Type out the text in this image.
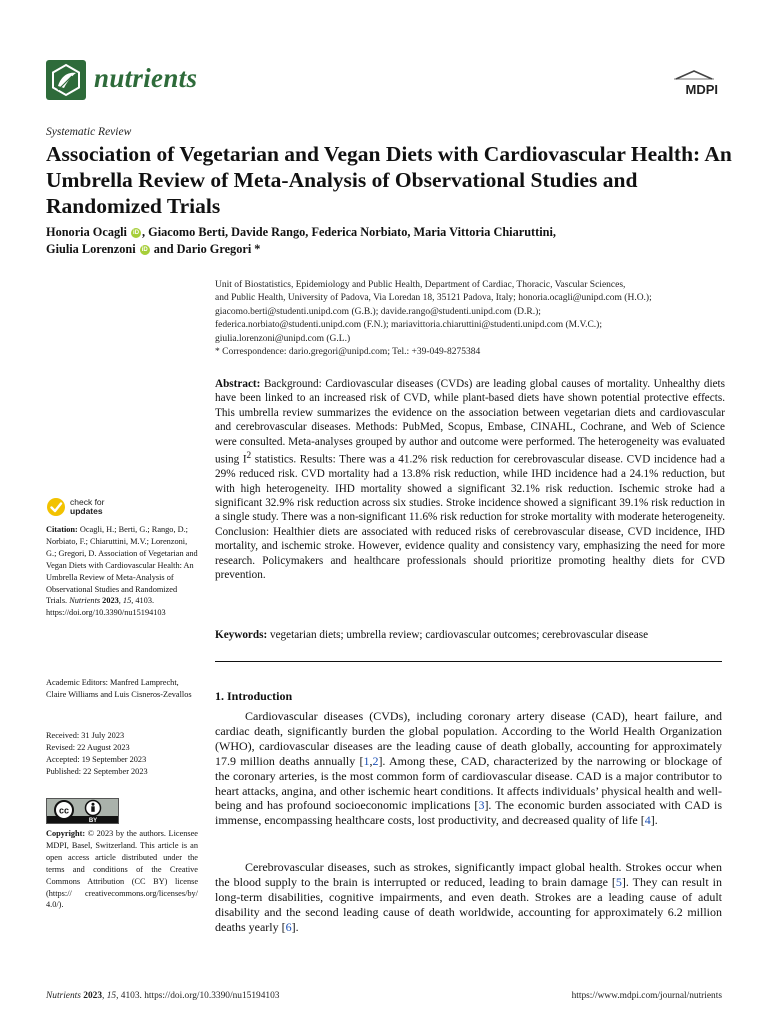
nutrients	MDPI
Systematic Review
Association of Vegetarian and Vegan Diets with Cardiovascular Health: An Umbrella Review of Meta-Analysis of Observational Studies and Randomized Trials
Honoria Ocagli iD , Giacomo Berti, Davide Rango, Federica Norbiato, Maria Vittoria Chiaruttini,
Giulia Lorenzoni iD and Dario Gregori *
Unit of Biostatistics, Epidemiology and Public Health, Department of Cardiac, Thoracic, Vascular Sciences,
and Public Health, University of Padova, Via Loredan 18, 35121 Padova, Italy; honoria.ocagli@unipd.com (H.O.);
giacomo.berti@studenti.unipd.com (G.B.); davide.rango@studenti.unipd.com (D.R.);
federica.norbiato@studenti.unipd.com (F.N.); mariavittoria.chiaruttini@studenti.unipd.com (M.V.C.);
giulia.lorenzoni@unipd.com (G.L.)
* Correspondence: dario.gregori@unipd.com; Tel.: +39-049-8275384
Abstract: Background: Cardiovascular diseases (CVDs) are leading global causes of mortality. Unhealthy diets have been linked to an increased risk of CVD, while plant-based diets have shown potential protective effects. This umbrella review summarizes the evidence on the association between vegetarian diets and cardiovascular and cerebrovascular diseases. Methods: PubMed, Scopus, Embase, CINAHL, Cochrane, and Web of Science were consulted. Meta-analyses grouped by author and outcome were performed. The heterogeneity was evaluated using $I^2$ statistics. Results: There was a 41.2% risk reduction for cerebrovascular disease. CVD incidence had a 29% reduced risk. CVD mortality had a 13.8% risk reduction, while IHD incidence had a 24.1% reduction, but with high heterogeneity. IHD mortality showed a significant 32.1% risk reduction. Ischemic stroke had a significant 32.9% risk reduction across six studies. Stroke incidence showed a significant 39.1% risk reduction in a single study. There was a non-significant 11.6% risk reduction for stroke mortality with moderate heterogeneity. Conclusion: Healthier diets are associated with reduced risks of cerebrovascular disease, CVD incidence, IHD mortality, and ischemic stroke. However, evidence quality and consistency vary, emphasizing the need for more research. Policymakers and healthcare professionals should prioritize promoting healthy diets for CVD prevention.
Keywords: vegetarian diets; umbrella review; cardiovascular outcomes; cerebrovascular disease
1. Introduction
Cardiovascular diseases (CVDs), including coronary artery disease (CAD), heart failure, and cardiac death, significantly burden the global population. According to the World Health Organization (WHO), cardiovascular diseases are the leading cause of death globally, accounting for approximately 17.9 million deaths annually [1,2]. Among these, CAD, characterized by the narrowing or blockage of the coronary arteries, is the most common form of cardiovascular disease. CAD is a major contributor to heart attacks, angina, and other ischemic heart conditions. It affects individuals’ physical health and well-being and has profound socioeconomic implications [3]. The economic burden associated with CAD is immense, encompassing healthcare costs, lost productivity, and decreased quality of life [4].
Cerebrovascular diseases, such as strokes, significantly impact global health. Strokes occur when the blood supply to the brain is interrupted or reduced, leading to brain damage [5]. They can result in long-term disabilities, cognitive impairments, and even death. Strokes are a leading cause of adult disability and the second leading cause of death worldwide, accounting for approximately 6.2 million deaths yearly [6].
check for
updates
Citation: Ocagli, H.; Berti, G.; Rango, D.; Norbiato, F.; Chiaruttini, M.V.; Lorenzoni, G.; Gregori, D. Association of Vegetarian and Vegan Diets with Cardiovascular Health: An Umbrella Review of Meta-Analysis of Observational Studies and Randomized Trials. Nutrients 2023, 15, 4103. https://doi.org/10.3390/nu15194103
Academic Editors: Manfred Lamprecht, Claire Williams and Luis Cisneros-Zevallos
Received: 31 July 2023
Revised: 22 August 2023
Accepted: 19 September 2023
Published: 22 September 2023
cc
BY
Copyright: © 2023 by the authors. Licensee MDPI, Basel, Switzerland. This article is an open access article distributed under the terms and conditions of the Creative Commons Attribution (CC BY) license (https:// creativecommons.org/licenses/by/ 4.0/).
Nutrients 2023, 15, 4103. https://doi.org/10.3390/nu15194103	https://www.mdpi.com/journal/nutrients
